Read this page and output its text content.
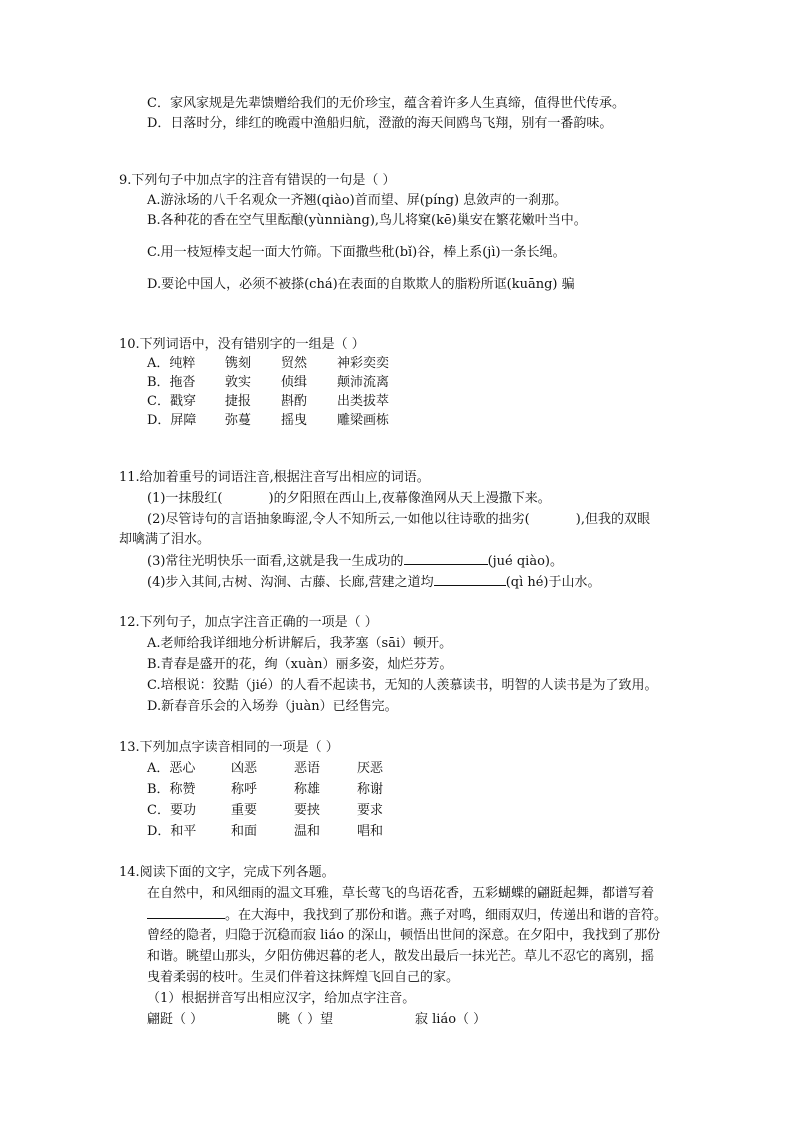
C．家风家规是先辈馈赠给我们的无价珍宝，蕴含着许多人生真缔，值得世代传承。
D．日落时分，绯红的晚霞中渔船归航，澄澈的海天间鸥鸟飞翔，别有一番韵味。
9.下列句子中加点字的注音有错误的一句是（ ）
A.游泳场的八千名观众一齐翘(qiào)首而望、屏(píng) 息敛声的一刹那。
B.各种花的香在空气里酝酿(yùnniàng),鸟儿将窠(kē)巢安在繁花嫩叶当中。
C.用一枝短棒支起一面大竹筛。下面撒些秕(bǐ)谷，棒上系(jì)一条长绳。
D.要论中国人，必须不被搽(chá)在表面的自欺欺人的脂粉所诓(kuāng) 骗
10.下列词语中，没有错别字的一组是（ ）
A．纯粹	镌刻	贸然	神彩奕奕
B．拖沓	敦实	侦缉	颠沛流离
C．戳穿	捷报	斟酌	出类拔萃
D．屏障	弥蔓	摇曳	雕梁画栋
11.给加着重号的词语注音,根据注音写出相应的词语。
(1)一抹殷红(	)的夕阳照在西山上,夜幕像渔网从天上漫撒下来。
(2)尽管诗句的言语抽象晦涩,令人不知所云,一如他以往诗歌的拙劣(	),但我的双眼
却噙满了泪水。
(3)常往光明快乐一面看,这就是我一生成功的	(jué qiào)。
(4)步入其间,古树、沟涧、古藤、长廊,营建之道均	(qì hé)于山水。
12.下列句子，加点字注音正确的一项是（ ）
A.老师给我详细地分析讲解后，我茅塞（sāi）顿开。
B.青春是盛开的花，绚（xuàn）丽多姿，灿烂芬芳。
C.培根说：狡黠（jié）的人看不起读书，无知的人羡慕读书，明智的人读书是为了致用。
D.新春音乐会的入场券（juàn）已经售完。
13.下列加点字读音相同的一项是（ ）
A．恶心	凶恶	恶语	厌恶
B．称赞	称呼	称雄	称谢
C．要功	重要	要挟	要求
D．和平	和面	温和	唱和
14.阅读下面的文字，完成下列各题。
在自然中，和风细雨的温文耳雅，草长莺飞的鸟语花香，五彩蝴蝶的翩跹起舞，都谱写着
。在大海中，我找到了那份和谐。燕子对鸣，细雨双归，传递出和谐的音符。
曾经的隐者，归隐于沉稳而寂 liáo 的深山，顿悟出世间的深意。在夕阳中，我找到了那份
和谐。眺望山那头，夕阳仿佛迟暮的老人，散发出最后一抹光芒。草儿不忍它的离别，摇
曳着柔弱的枝叶。生灵们伴着这抹辉煌飞回自己的家。
（1）根据拼音写出相应汉字，给加点字注音。
翩跹（ ）	眺（ ）望	寂 liáo（ ）
